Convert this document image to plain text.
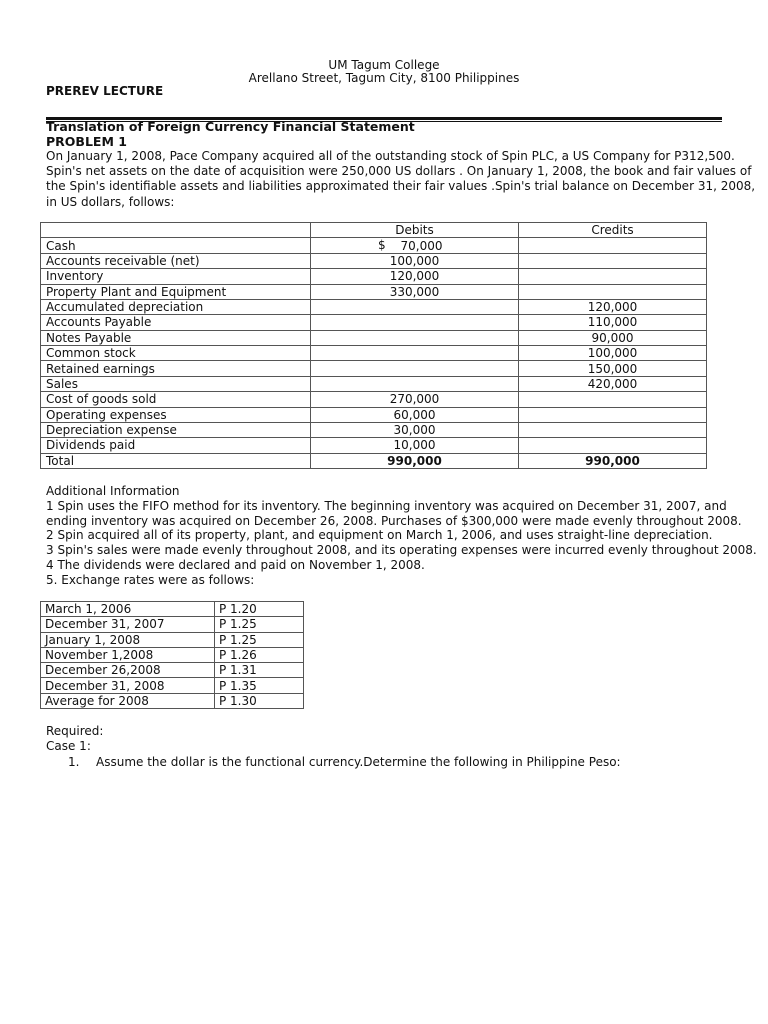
UM Tagum College
Arellano Street, Tagum City, 8100 Philippines
PREREV LECTURE
Translation of Foreign Currency Financial Statement
PROBLEM 1
On January 1, 2008, Pace Company acquired all of the outstanding stock of Spin PLC, a US Company for P312,500.
Spin's net assets on the date of acquisition were 250,000 US dollars . On January 1, 2008, the book and fair values of
the Spin's identifiable assets and liabilities approximated their fair values .Spin's trial balance on December 31, 2008,
in US dollars, follows:
	Debits	Credits
Cash	$ 70,000	
Accounts receivable (net)	100,000	
Inventory	120,000	
Property Plant and Equipment	330,000	
Accumulated depreciation		120,000
Accounts Payable		110,000
Notes Payable		90,000
Common stock		100,000
Retained earnings		150,000
Sales		420,000
Cost of goods sold	270,000	
Operating expenses	60,000	
Depreciation expense	30,000	
Dividends paid	10,000	
Total	990,000	990,000
Additional Information
1 Spin uses the FIFO method for its inventory. The beginning inventory was acquired on December 31, 2007, and
ending inventory was acquired on December 26, 2008. Purchases of $300,000 were made evenly throughout 2008.
2 Spin acquired all of its property, plant, and equipment on March 1, 2006, and uses straight-line depreciation.
3 Spin's sales were made evenly throughout 2008, and its operating expenses were incurred evenly throughout 2008.
4 The dividends were declared and paid on November 1, 2008.
5. Exchange rates were as follows:
March 1, 2006	P 1.20
December 31, 2007	P 1.25
January 1, 2008	P 1.25
November 1,2008	P 1.26
December 26,2008	P 1.31
December 31, 2008	P 1.35
Average for 2008	P 1.30
Required:
Case 1:
1. Assume the dollar is the functional currency.Determine the following in Philippine Peso:
